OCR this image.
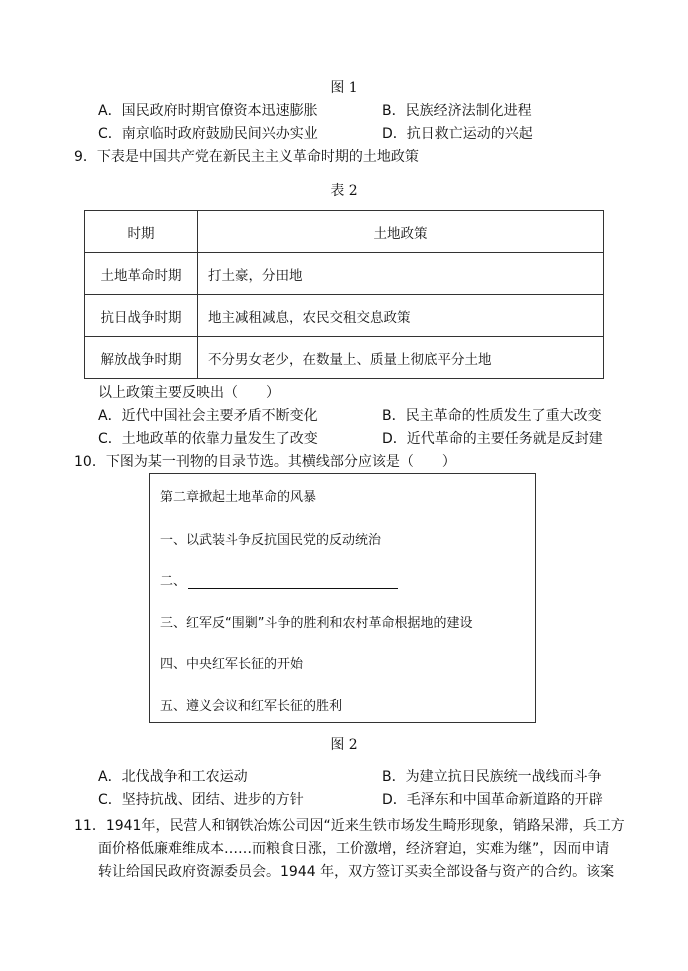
图 1
A．国民政府时期官僚资本迅速膨胀	B．民族经济法制化进程
C．南京临时政府鼓励民间兴办实业	D．抗日救亡运动的兴起
9．下表是中国共产党在新民主主义革命时期的土地政策
表 2
时期	土地政策
土地革命时期	打土豪，分田地
抗日战争时期	地主减租减息，农民交租交息政策
解放战争时期	不分男女老少，在数量上、质量上彻底平分土地
以上政策主要反映出（　　）
A．近代中国社会主要矛盾不断变化	B．民主革命的性质发生了重大改变
C．土地政革的依靠力量发生了改变	D．近代革命的主要任务就是反封建
10．下图为某一刊物的目录节选。其横线部分应该是（　　）
第二章掀起土地革命的风暴
一、以武装斗争反抗国民党的反动统治
二、
三、红军反“围剿”斗争的胜利和农村革命根据地的建设
四、中央红军长征的开始
五、遵义会议和红军长征的胜利
图 2
A．北伐战争和工农运动	B．为建立抗日民族统一战线而斗争
C．坚持抗战、团结、进步的方针	D．毛泽东和中国革命新道路的开辟
11．1941年，民营人和钢铁冶炼公司因“近来生铁市场发生畸形现象，销路呆滞，兵工方
面价格低廉难维成本……而粮食日涨，工价激增，经济窘迫，实难为继”，因而申请
转让给国民政府资源委员会。1944 年，双方签订买卖全部设备与资产的合约。该案
